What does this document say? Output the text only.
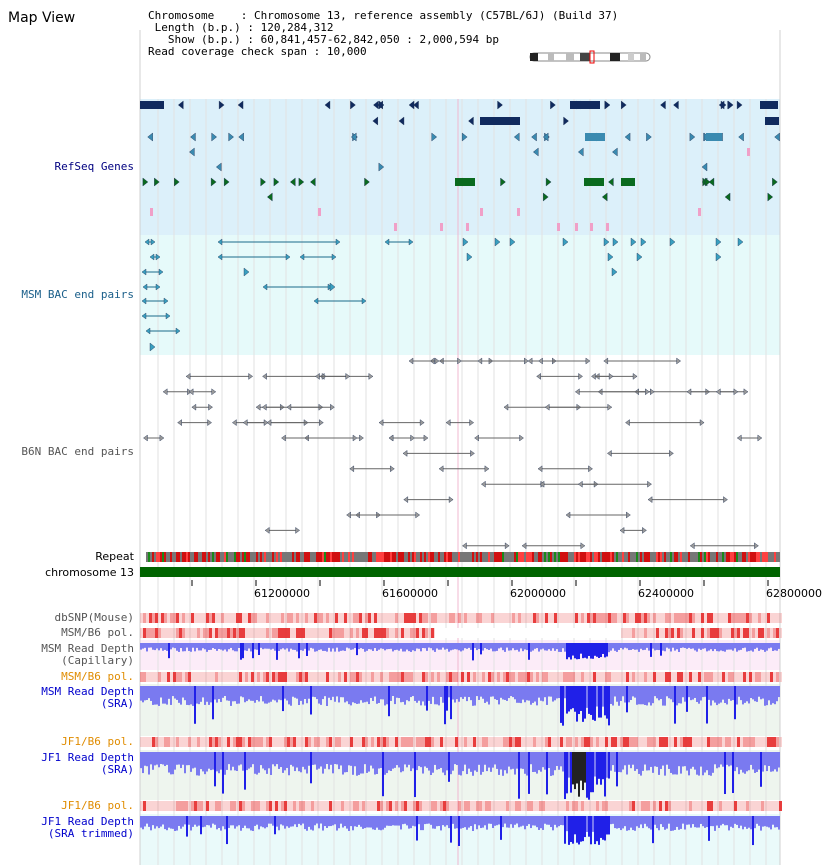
Map View	Chromosome    : Chromosome 13, reference assembly (C57BL/6J) (Build 37)
Length (b.p.) : 120,284,312
Show (b.p.) : 60,841,457-62,842,050 : 2,000,594 bp
Read coverage check span : 10,000
RefSeq Genes
MSM BAC end pairs
B6N BAC end pairs
Repeat
chromosome 13
61200000	61600000	62000000	62400000	62800000
dbSNP(Mouse)
MSM/B6 pol.
MSM Read Depth
(Capillary)
MSM/B6 pol.
MSM Read Depth
(SRA)
JF1/B6 pol.
JF1 Read Depth
(SRA)
JF1/B6 pol.
JF1 Read Depth
(SRA trimmed)
